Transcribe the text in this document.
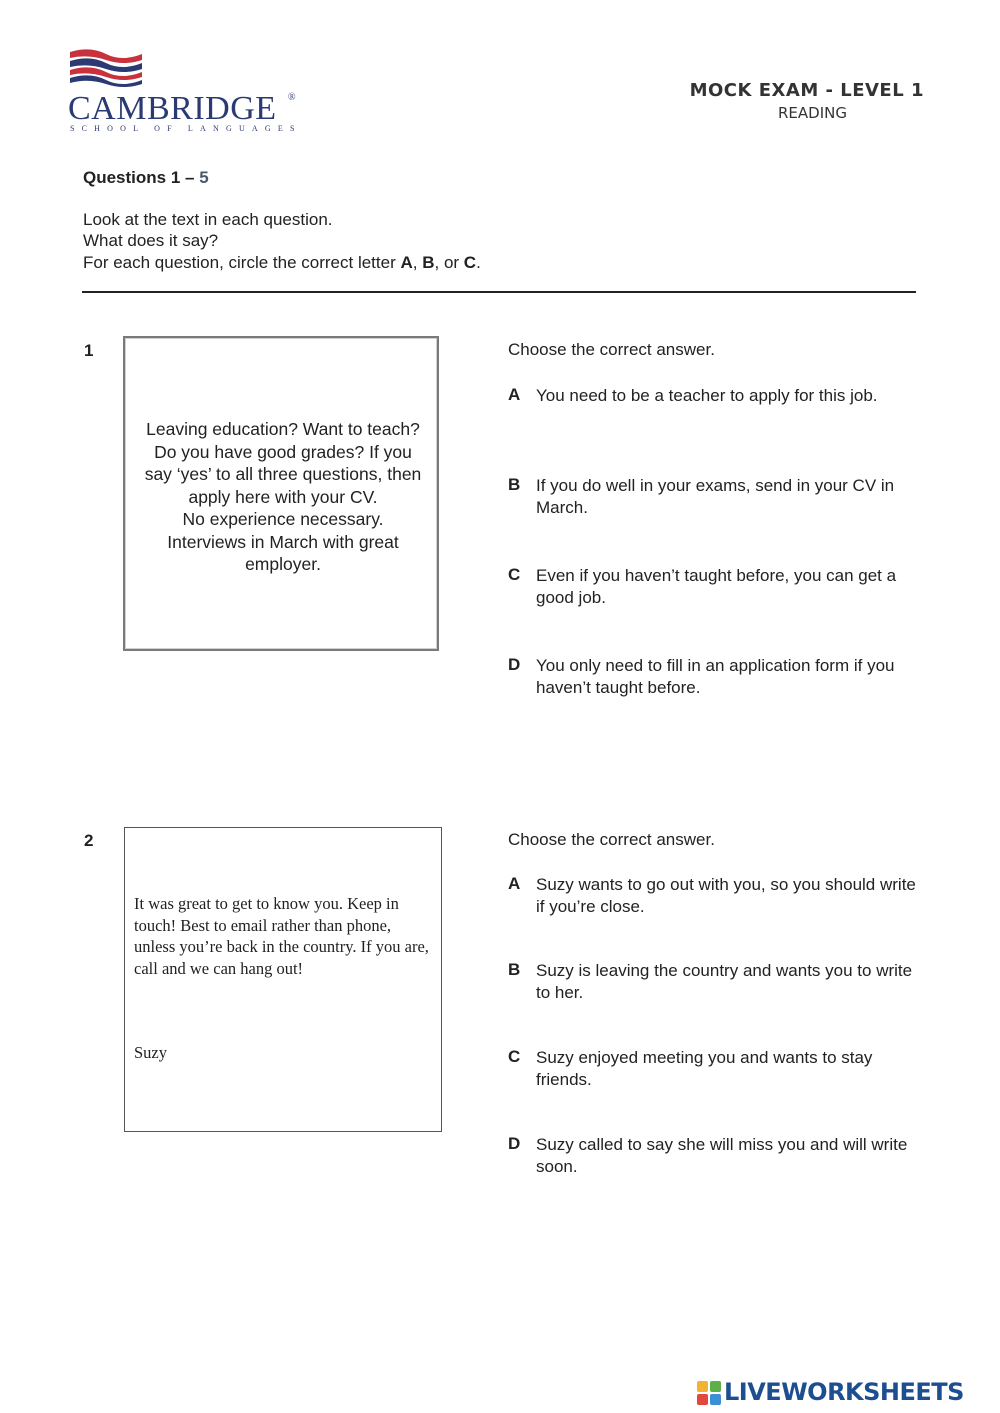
CAMBRIDGE ®
SCHOOL OF LANGUAGES
MOCK EXAM - LEVEL 1
READING
Questions 1 – 5
Look at the text in each question.
What does it say?
For each question, circle the correct letter A, B, or C.
1
Leaving education? Want to teach?
Do you have good grades? If you
say ‘yes’ to all three questions, then
apply here with your CV.
No experience necessary.
Interviews in March with great
employer.
Choose the correct answer.
A You need to be a teacher to apply for this job.
B If you do well in your exams, send in your CV in March.
C Even if you haven’t taught before, you can get a good job.
D You only need to fill in an application form if you haven’t taught before.
2
It was great to get to know you. Keep in touch! Best to email rather than phone, unless you’re back in the country. If you are, call and we can hang out!
Suzy
Choose the correct answer.
A Suzy wants to go out with you, so you should write if you’re close.
B Suzy is leaving the country and wants you to write to her.
C Suzy enjoyed meeting you and wants to stay friends.
D Suzy called to say she will miss you and will write soon.
LIVEWORKSHEETS
